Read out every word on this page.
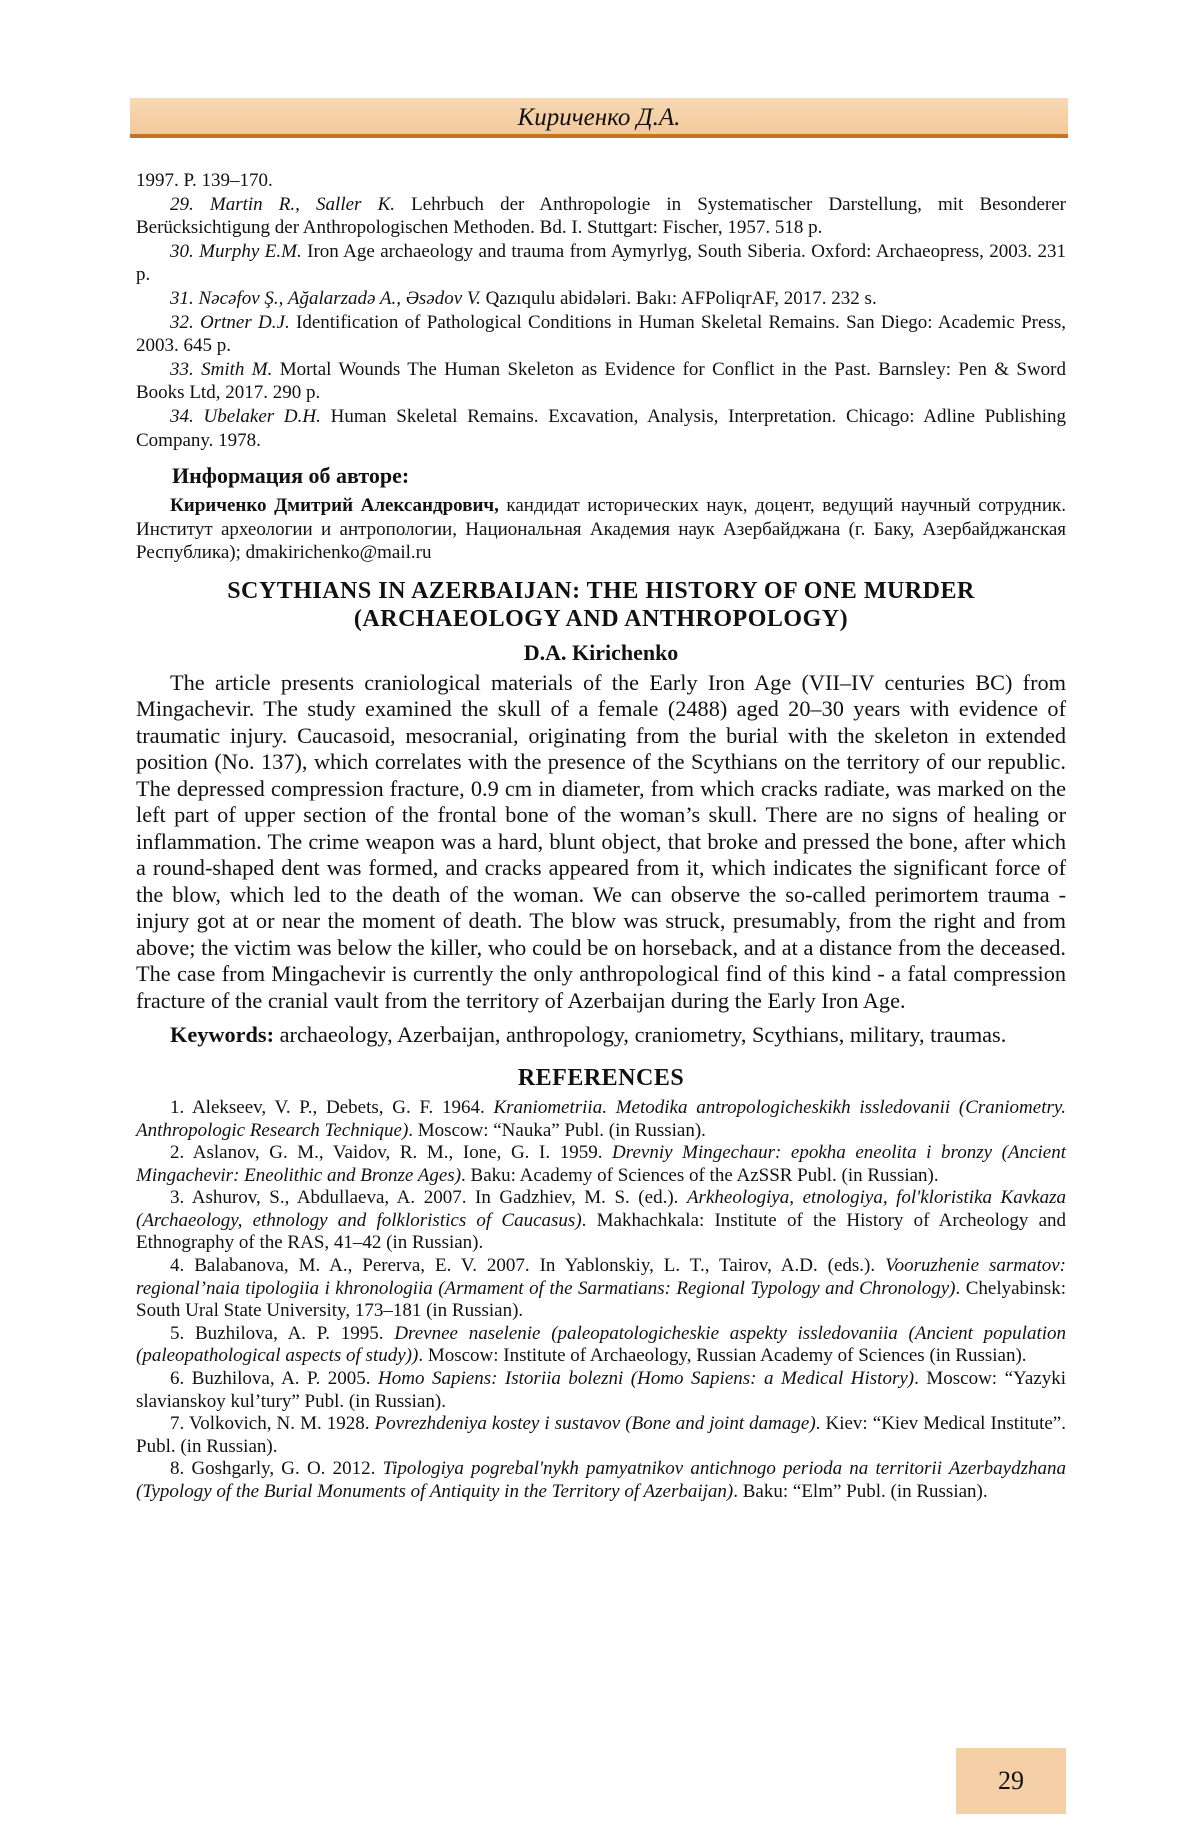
Кириченко Д.А.

1997. P. 139–170.

29. Martin R., Saller K. Lehrbuch der Anthropologie in Systematischer Darstellung, mit Besonderer Berücksichtigung der Anthropologischen Methoden. Bd. I. Stuttgart: Fischer, 1957. 518 p.

30. Murphy E.M. Iron Age archaeology and trauma from Aymyrlyg, South Siberia. Oxford: Archaeopress, 2003. 231 p.

31. Nəcəfov Ş., Ağalarzadə A., Əsədov V. Qazıqulu abidələri. Bakı: AFPoliqrAF, 2017. 232 s.

32. Ortner D.J. Identification of Pathological Conditions in Human Skeletal Remains. San Diego: Academic Press, 2003. 645 p.

33. Smith M. Mortal Wounds The Human Skeleton as Evidence for Conflict in the Past. Barnsley: Pen & Sword Books Ltd, 2017. 290 p.

34. Ubelaker D.H. Human Skeletal Remains. Excavation, Analysis, Interpretation. Chicago: Adline Publishing Company. 1978.

Информация об авторе:

Кириченко Дмитрий Александрович, кандидат исторических наук, доцент, ведущий научный сотрудник. Институт археологии и антропологии, Национальная Академия наук Азербайджана (г. Баку, Азербайджанская Республика); dmakirichenko@mail.ru

SCYTHIANS IN AZERBAIJAN: THE HISTORY OF ONE MURDER
(ARCHAEOLOGY AND ANTHROPOLOGY)
D.A. Kirichenko

The article presents craniological materials of the Early Iron Age (VII–IV centuries BC) from Mingachevir. The study examined the skull of a female (2488) aged 20–30 years with evidence of traumatic injury. Caucasoid, mesocranial, originating from the burial with the skeleton in extended position (No. 137), which correlates with the presence of the Scythians on the territory of our republic. The depressed compression fracture, 0.9 cm in diameter, from which cracks radiate, was marked on the left part of upper section of the frontal bone of the woman’s skull. There are no signs of healing or inflammation. The crime weapon was a hard, blunt object, that broke and pressed the bone, after which a round-shaped dent was formed, and cracks appeared from it, which indicates the significant force of the blow, which led to the death of the woman. We can observe the so-called perimortem trauma - injury got at or near the moment of death. The blow was struck, presumably, from the right and from above; the victim was below the killer, who could be on horseback, and at a distance from the deceased. The case from Mingachevir is currently the only anthropological find of this kind - a fatal compression fracture of the cranial vault from the territory of Azerbaijan during the Early Iron Age.

Keywords: archaeology, Azerbaijan, anthropology, craniometry, Scythians, military, traumas.

REFERENCES

1. Alekseev, V. P., Debets, G. F. 1964. Kraniometriia. Metodika antropologicheskikh issledovanii (Craniometry. Anthropologic Research Technique). Moscow: “Nauka” Publ. (in Russian).

2. Aslanov, G. M., Vaidov, R. M., Ione, G. I. 1959. Drevniy Mingechaur: epokha eneolita i bronzy (Ancient Mingachevir: Eneolithic and Bronze Ages). Baku: Academy of Sciences of the AzSSR Publ. (in Russian).

3. Ashurov, S., Abdullaeva, A. 2007. In Gadzhiev, M. S. (ed.). Arkheologiya, etnologiya, fol'kloristika Kavkaza (Archaeology, ethnology and folkloristics of Caucasus). Makhachkala: Institute of the History of Archeology and Ethnography of the RAS, 41–42 (in Russian).

4. Balabanova, M. A., Pererva, E. V. 2007. In Yablonskiy, L. T., Tairov, A.D. (eds.). Vooruzhenie sarmatov: regional’naia tipologiia i khronologiia (Armament of the Sarmatians: Regional Typology and Chronology). Chelyabinsk: South Ural State University, 173–181 (in Russian).

5. Buzhilova, A. P. 1995. Drevnee naselenie (paleopatologicheskie aspekty issledovaniia (Ancient population (paleopathological aspects of study)). Moscow: Institute of Archaeology, Russian Academy of Sciences (in Russian).

6. Buzhilova, A. P. 2005. Homo Sapiens: Istoriia bolezni (Homo Sapiens: a Medical History). Moscow: “Yazyki slavianskoy kul’tury” Publ. (in Russian).

7. Volkovich, N. M. 1928. Povrezhdeniya kostey i sustavov (Bone and joint damage). Kiev: “Kiev Medical Institute”. Publ. (in Russian).

8. Goshgarly, G. O. 2012. Tipologiya pogrebal'nykh pamyatnikov antichnogo perioda na territorii Azerbaydzhana (Typology of the Burial Monuments of Antiquity in the Territory of Azerbaijan). Baku: “Elm” Publ. (in Russian).

29
